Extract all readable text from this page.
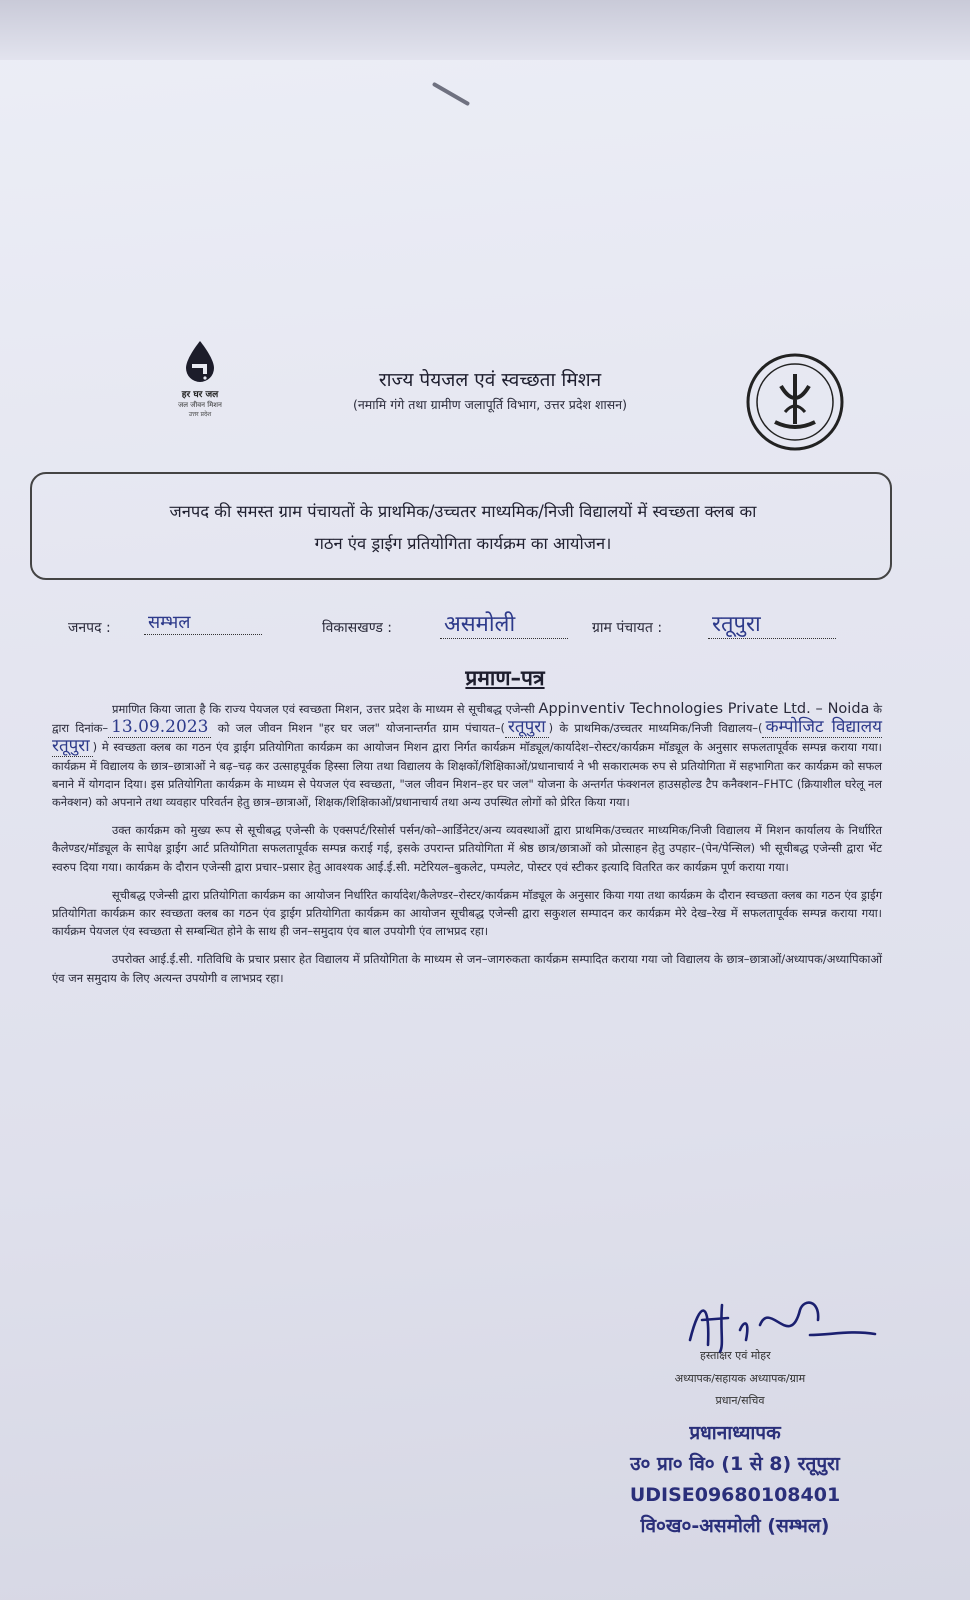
हर घर जल
जल जीवन मिशन
उत्तर प्रदेश
राज्य पेयजल एवं स्वच्छता मिशन
(नमामि गंगे तथा ग्रामीण जलापूर्ति विभाग, उत्तर प्रदेश शासन)
जनपद की समस्त ग्राम पंचायतों के प्राथमिक/उच्चतर माध्यमिक/निजी विद्यालयों में स्वच्छता क्लब का
गठन एंव ड्राईग प्रतियोगिता कार्यक्रम का आयोजन।
जनपद : सम्भल	विकासखण्ड : असमोली	ग्राम पंचायत : रतूपुरा
प्रमाण–पत्र

प्रमाणित किया जाता है कि राज्य पेयजल एवं स्वच्छता मिशन, उत्तर प्रदेश के माध्यम से सूचीबद्ध एजेन्सी Appinventiv Technologies Private Ltd. – Noida के द्वारा दिनांक– 13.09.2023 को जल जीवन मिशन "हर घर जल" योजनान्तर्गत ग्राम पंचायत–( रतूपुरा ) के प्राथमिक/उच्चतर माध्यमिक/निजी विद्यालय–( कम्पोजिट विद्यालय रतूपुरा ) मे स्वच्छता क्लब का गठन एंव ड्राईग प्रतियोगिता कार्यक्रम का आयोजन मिशन द्वारा निर्गत कार्यक्रम मॉड्यूल/कार्यादेश–रोस्टर/कार्यक्रम मॉड्यूल के अनुसार सफलतापूर्वक सम्पन्न कराया गया। कार्यक्रम में विद्यालय के छात्र–छात्राओं ने बढ़–चढ़ कर उत्साहपूर्वक हिस्सा लिया तथा विद्यालय के शिक्षकों/शिक्षिकाओं/प्रधानाचार्य ने भी सकारात्मक रुप से प्रतियोगिता में सहभागिता कर कार्यक्रम को सफल बनाने में योगदान दिया। इस प्रतियोगिता कार्यक्रम के माध्यम से पेयजल एंव स्वच्छता, "जल जीवन मिशन–हर घर जल" योजना के अन्तर्गत फंक्शनल हाउसहोल्ड टैप कनैक्शन–FHTC (क्रियाशील घरेलू नल कनेक्शन) को अपनाने तथा व्यवहार परिवर्तन हेतु छात्र–छात्राओं, शिक्षक/शिक्षिकाओं/प्रधानाचार्य तथा अन्य उपस्थित लोगों को प्रेरित किया गया।

उक्त कार्यक्रम को मुख्य रूप से सूचीबद्ध एजेन्सी के एक्सपर्ट/रिसोर्स पर्सन/को–आर्डिनेटर/अन्य व्यवस्थाओं द्वारा प्राथमिक/उच्चतर माध्यमिक/निजी विद्यालय में मिशन कार्यालय के निर्धारित कैलेण्डर/मॉड्यूल के सापेक्ष ड्राईग आर्ट प्रतियोगिता सफलतापूर्वक सम्पन्न कराई गई, इसके उपरान्त प्रतियोगिता में श्रेष्ठ छात्र/छात्राओं को प्रोत्साहन हेतु उपहार–(पेन/पेन्सिल) भी सूचीबद्ध एजेन्सी द्वारा भेंट स्वरुप दिया गया। कार्यक्रम के दौरान एजेन्सी द्वारा प्रचार–प्रसार हेतु आवश्यक आई.ई.सी. मटेरियल–बुकलेट, पम्पलेट, पोस्टर एवं स्टीकर इत्यादि वितरित कर कार्यक्रम पूर्ण कराया गया।

सूचीबद्ध एजेन्सी द्वारा प्रतियोगिता कार्यक्रम का आयोजन निर्धारित कार्यादेश/कैलेण्डर–रोस्टर/कार्यक्रम मॉड्यूल के अनुसार किया गया तथा कार्यक्रम के दौरान स्वच्छता क्लब का गठन एंव ड्राईग प्रतियोगिता कार्यक्रम कार स्वच्छता क्लब का गठन एंव ड्राईग प्रतियोगिता कार्यक्रम का आयोजन सूचीबद्ध एजेन्सी द्वारा सकुशल सम्पादन कर कार्यक्रम मेरे देख–रेख में सफलतापूर्वक सम्पन्न कराया गया। कार्यक्रम पेयजल एंव स्वच्छता से सम्बन्धित होने के साथ ही जन–समुदाय एंव बाल उपयोगी एंव लाभप्रद रहा।

उपरोक्त आई.ई.सी. गतिविधि के प्रचार प्रसार हेत विद्यालय में प्रतियोगिता के माध्यम से जन–जागरुकता कार्यक्रम सम्पादित कराया गया जो विद्यालय के छात्र–छात्राओं/अध्यापक/अध्यापिकाओं एंव जन समुदाय के लिए अत्यन्त उपयोगी व लाभप्रद रहा।

हस्ताक्षर एवं मोहर
अध्यापक/सहायक अध्यापक/ग्राम
प्रधान/सचिव
प्रधानाध्यापक
उ० प्रा० वि० (1 से 8) रतूपुरा
UDISE09680108401
वि०ख०-असमोली (सम्भल)
